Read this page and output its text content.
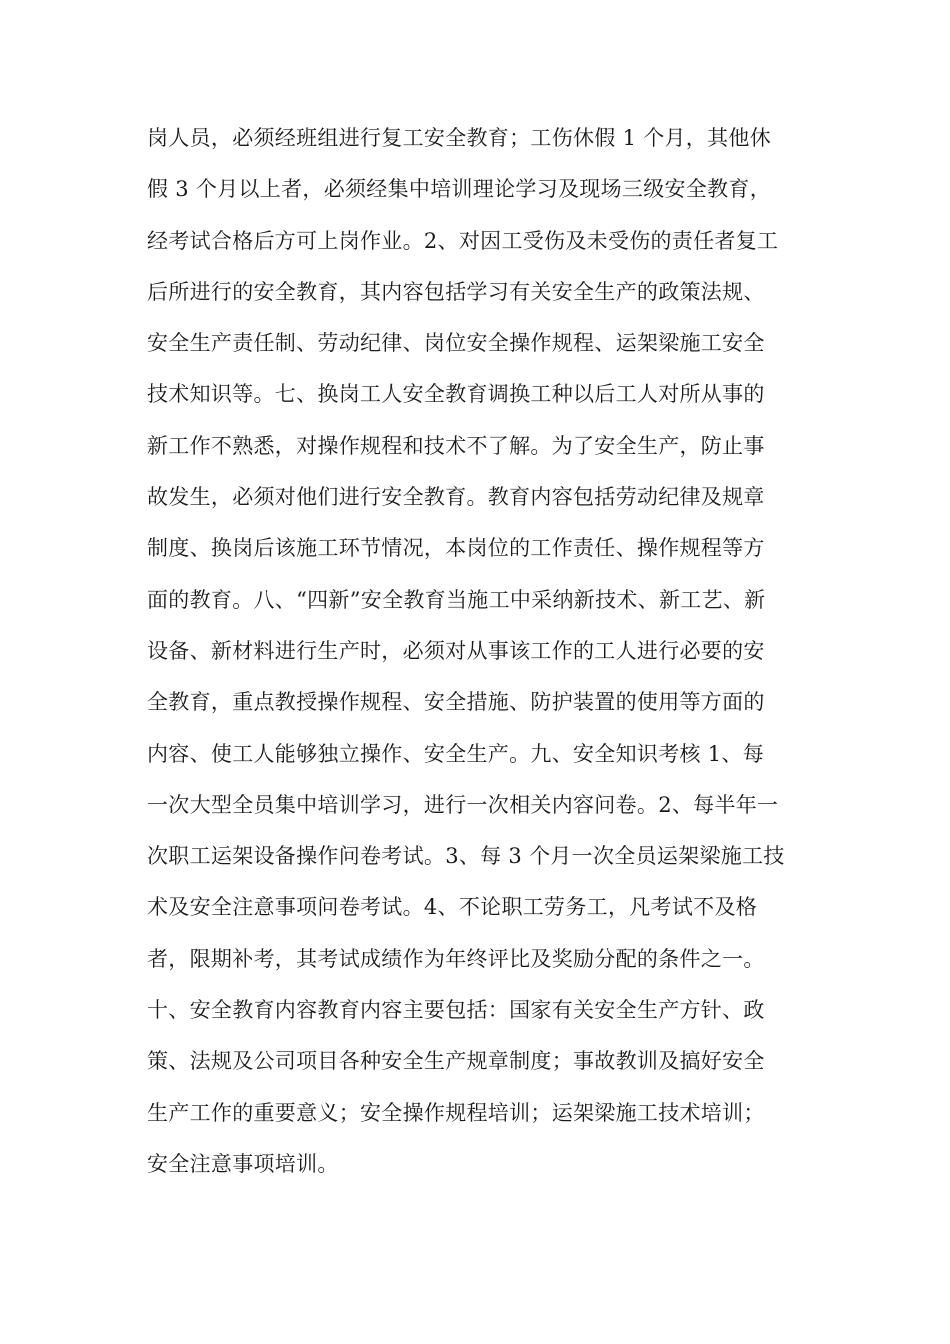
岗人员，必须经班组进行复工安全教育；工伤休假 1 个月，其他休
假 3 个月以上者，必须经集中培训理论学习及现场三级安全教育，
经考试合格后方可上岗作业。2、对因工受伤及未受伤的责任者复工
后所进行的安全教育，其内容包括学习有关安全生产的政策法规、
安全生产责任制、劳动纪律、岗位安全操作规程、运架梁施工安全
技术知识等。七、换岗工人安全教育调换工种以后工人对所从事的
新工作不熟悉，对操作规程和技术不了解。为了安全生产，防止事
故发生，必须对他们进行安全教育。教育内容包括劳动纪律及规章
制度、换岗后该施工环节情况，本岗位的工作责任、操作规程等方
面的教育。八、“四新”安全教育当施工中采纳新技术、新工艺、新
设备、新材料进行生产时，必须对从事该工作的工人进行必要的安
全教育，重点教授操作规程、安全措施、防护装置的使用等方面的
内容、使工人能够独立操作、安全生产。九、安全知识考核 1、每
一次大型全员集中培训学习，进行一次相关内容问卷。2、每半年一
次职工运架设备操作问卷考试。3、每 3 个月一次全员运架梁施工技
术及安全注意事项问卷考试。4、不论职工劳务工，凡考试不及格
者，限期补考，其考试成绩作为年终评比及奖励分配的条件之一。
十、安全教育内容教育内容主要包括：国家有关安全生产方针、政
策、法规及公司项目各种安全生产规章制度；事故教训及搞好安全
生产工作的重要意义；安全操作规程培训；运架梁施工技术培训；
安全注意事项培训。
